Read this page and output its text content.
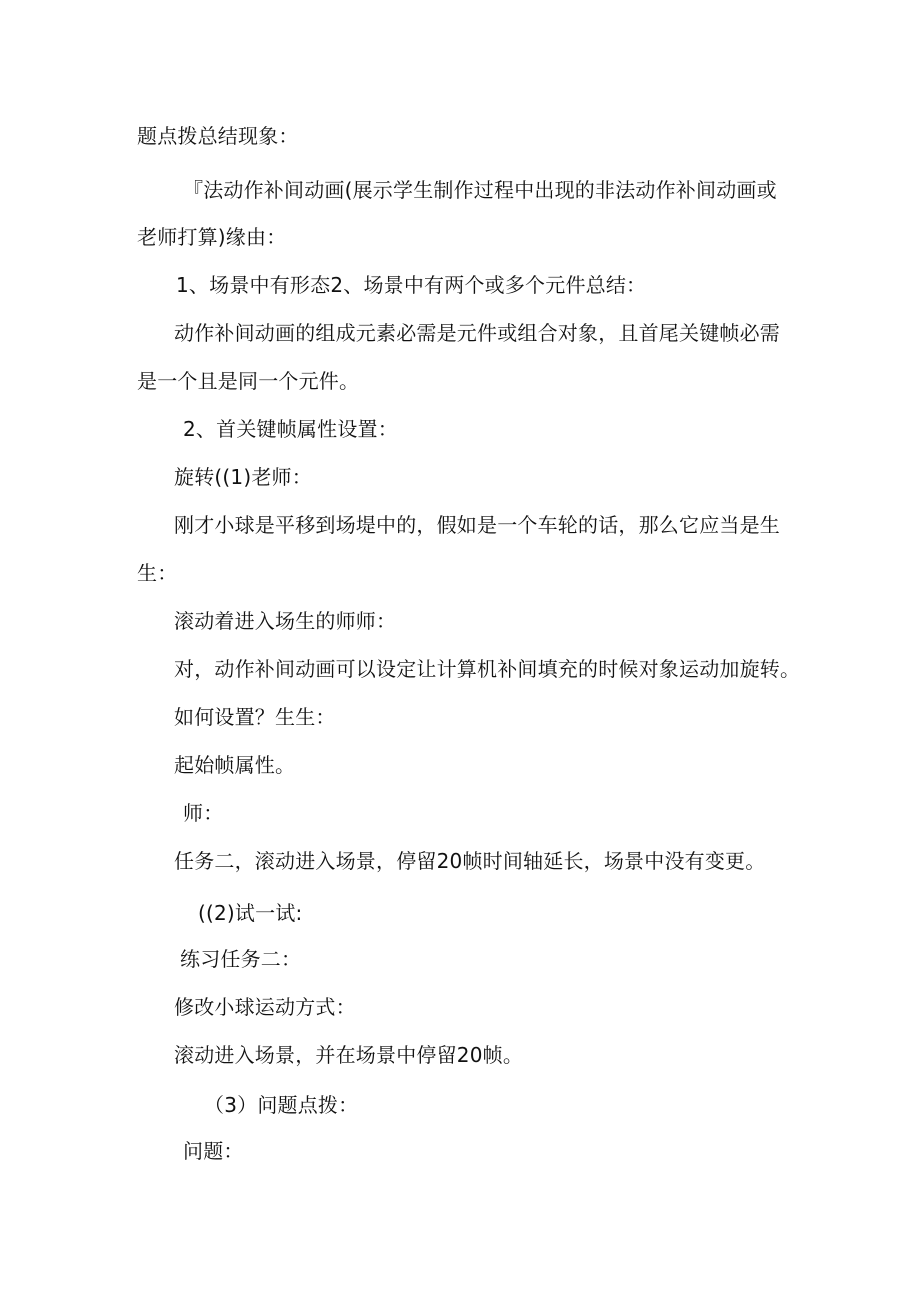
题点拨总结现象：
『法动作补间动画(展示学生制作过程中出现的非法动作补间动画或
老师打算)缘由：
1、场景中有形态2、场景中有两个或多个元件总结：
动作补间动画的组成元素必需是元件或组合对象，且首尾关键帧必需
是一个且是同一个元件。
2、首关键帧属性设置：
旋转((1)老师：
刚才小球是平移到场堤中的，假如是一个车轮的话，那么它应当是生
生：
滚动着进入场生的师师：
对，动作补间动画可以设定让计算机补间填充的时候对象运动加旋转。
如何设置？生生：
起始帧属性。
师：
任务二，滚动进入场景，停留20帧时间轴延长，场景中没有变更。
((2)试一试:
练习任务二：
修改小球运动方式：
滚动进入场景，并在场景中停留20帧。
（3）问题点拨：
问题：
